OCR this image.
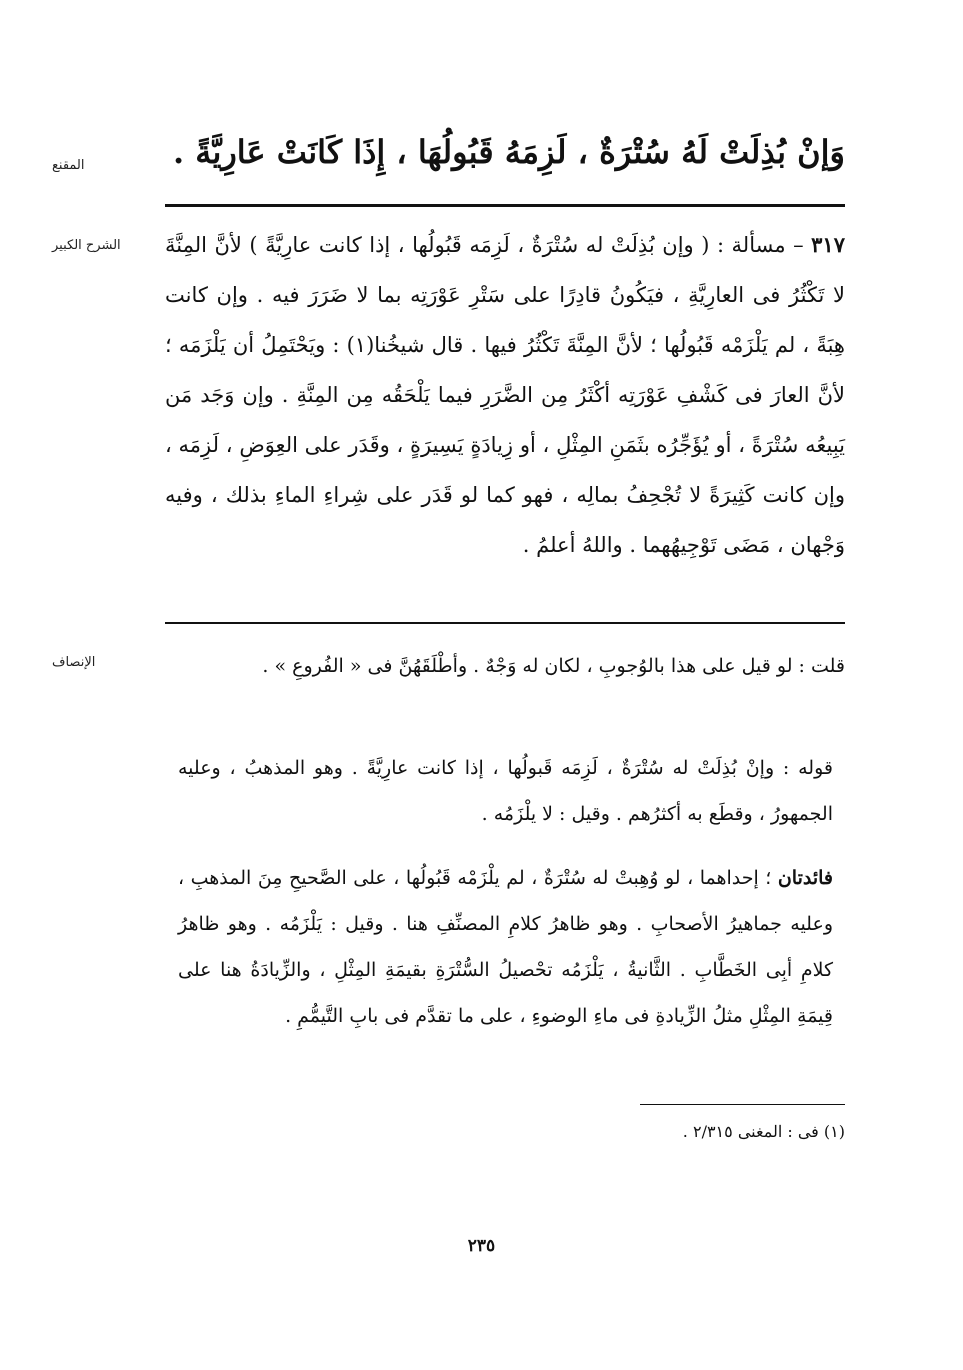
المقنع	وَإنْ بُذِلَتْ لَهُ سُتْرَةٌ ، لَزِمَهُ قَبُولُهَا ، إِذَا كَانَتْ عَارِيَّةً .
الشرح الكبير	٣١٧ – مسألة : ( وإن بُذِلَتْ له سُتْرَةٌ ، لَزِمَه قَبُولُها ، إذا كانت عارِيَّةً ) لأنَّ المِنَّةَ لا تَكْثُرُ فى العارِيَّةِ ، فيَكُونُ قادِرًا على سَتْرِ عَوْرَتِه بما لا ضَرَرَ فيه . وإن كانت هِبَةً ، لم يَلْزَمْه قَبُولُها ؛ لأنَّ المِنَّةَ تَكْثُرُ فيها . قال شيخُنا(١) : ويَحْتَمِلُ أن يَلْزَمَه ؛ لأنَّ العارَ فى كَشْفِ عَوْرَتِه أكْثَرُ مِن الضَّرَرِ فيما يَلْحَقُه مِن المِنَّةِ . وإن وَجَد مَن يَبِيعُه سُتْرَةً ، أو يُؤَجِّرُه بثَمَنِ المِثْلِ ، أو زِيادَةٍ يَسِيرَةٍ ، وقَدَر على العِوَضِ ، لَزِمَه ، وإن كانت كَثِيرَةً لا تُجْحِفُ بمالِه ، فهو كما لو قَدَر على شِراءِ الماءِ بذلك ، وفيه وَجْهان ، مَضَى تَوْجِيهُهما . واللهُ أعلمُ .
الإنصاف	قلت : لو قيل على هذا بالوُجوبِ ، لكان له وَجْهٌ . وأطْلَقَهُنَّ فى « الفُروعِ » .
قوله : وإنْ بُذِلَتْ له سُتْرَةٌ ، لَزِمَه قَبولُها ، إذا كانت عارِيَّةً . وهو المذهبُ ، وعليه الجمهورُ ، وقطَع به أكثرُهم . وقيل : لا يلْزَمُه .
فائدتان ؛ إحداهما ، لو وُهِبتْ له سُتْرَةٌ ، لم يلْزَمْه قَبُولُها ، على الصَّحيحِ مِنَ المذهبِ ، وعليه جماهيرُ الأصحابِ . وهو ظاهرُ كلامِ المصنِّفِ هنا . وقيل : يَلْزَمُه . وهو ظاهرُ كلامِ أبِى الخَطَّابِ . الثَّانيةُ ، يَلْزَمُه تحْصيلُ السُّتْرَةِ بقيمَةِ المِثْلِ ، والزِّيادَةُ هنا على قِيمَةِ المِثْلِ مثلُ الزِّيادةِ فى ماءِ الوضوءِ ، على ما تقدَّم فى بابِ التَّيمُّمِ .
(١) فى : المغنى ٢/٣١٥ .
٢٣٥
